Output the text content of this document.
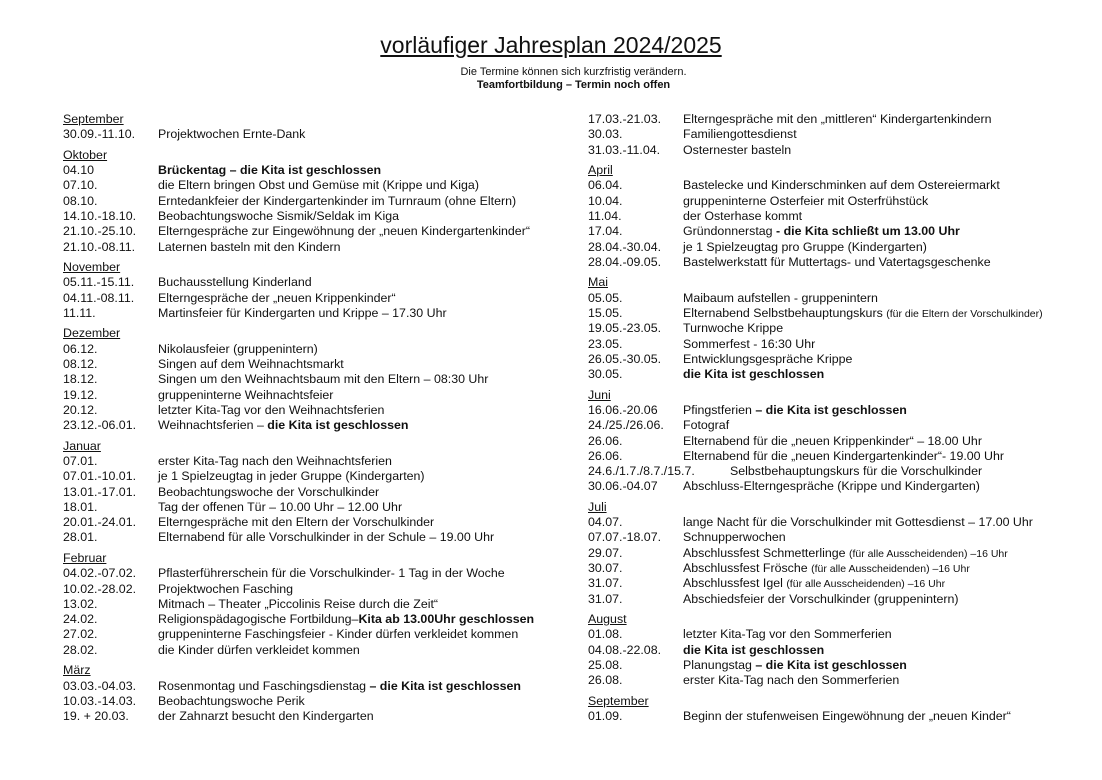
vorläufiger Jahresplan 2024/2025
Die Termine können sich kurzfristig verändern.
Teamfortbildung – Termin noch offen
September
30.09.-11.10. Projektwochen Ernte-Dank
Oktober
04.10	Brückentag – die Kita ist geschlossen
07.10.	die Eltern bringen Obst und Gemüse mit (Krippe und Kiga)
08.10.	Erntedankfeier der Kindergartenkinder im Turnraum (ohne Eltern)
14.10.-18.10. Beobachtungswoche Sismik/Seldak im Kiga
21.10.-25.10. Elterngespräche zur Eingewöhnung der „neuen Kindergartenkinder“
21.10.-08.11. Laternen basteln mit den Kindern
November
05.11.-15.11. Buchausstellung Kinderland
04.11.-08.11. Elterngespräche der „neuen Krippenkinder“
11.11.	Martinsfeier für Kindergarten und Krippe – 17.30 Uhr
Dezember
06.12.	Nikolausfeier (gruppenintern)
08.12.	Singen auf dem Weihnachtsmarkt
18.12.	Singen um den Weihnachtsbaum mit den Eltern – 08:30 Uhr
19.12.	gruppeninterne Weihnachtsfeier
20.12.	letzter Kita-Tag vor den Weihnachtsferien
23.12.-06.01. Weihnachtsferien – die Kita ist geschlossen
Januar
07.01.	erster Kita-Tag nach den Weihnachtsferien
07.01.-10.01. je 1 Spielzeugtag in jeder Gruppe (Kindergarten)
13.01.-17.01. Beobachtungswoche der Vorschulkinder
18.01.	Tag der offenen Tür – 10.00 Uhr – 12.00 Uhr
20.01.-24.01. Elterngespräche mit den Eltern der Vorschulkinder
28.01.	Elternabend für alle Vorschulkinder in der Schule – 19.00 Uhr
Februar
04.02.-07.02. Pflasterführerschein für die Vorschulkinder- 1 Tag in der Woche
10.02.-28.02. Projektwochen Fasching
13.02.	Mitmach – Theater „Piccolinis Reise durch die Zeit“
24.02.	Religionspädagogische Fortbildung–Kita ab 13.00Uhr geschlossen
27.02.	gruppeninterne Faschingsfeier - Kinder dürfen verkleidet kommen
28.02.	die Kinder dürfen verkleidet kommen
März
03.03.-04.03. Rosenmontag und Faschingsdienstag – die Kita ist geschlossen
10.03.-14.03. Beobachtungswoche Perik
19. + 20.03. der Zahnarzt besucht den Kindergarten
17.03.-21.03. Elterngespräche mit den „mittleren“ Kindergartenkindern
30.03.	Familiengottesdienst
31.03.-11.04. Osternester basteln
April
06.04.	Bastelecke und Kinderschminken auf dem Ostereiermarkt
10.04.	gruppeninterne Osterfeier mit Osterfrühstück
11.04.	der Osterhase kommt
17.04.	Gründonnerstag - die Kita schließt um 13.00 Uhr
28.04.-30.04. je 1 Spielzeugtag pro Gruppe (Kindergarten)
28.04.-09.05. Bastelwerkstatt für Muttertags- und Vatertagsgeschenke
Mai
05.05.	Maibaum aufstellen - gruppenintern
15.05.	Elternabend Selbstbehauptungskurs (für die Eltern der Vorschulkinder)
19.05.-23.05. Turnwoche Krippe
23.05.	Sommerfest - 16:30 Uhr
26.05.-30.05. Entwicklungsgespräche Krippe
30.05.	die Kita ist geschlossen
Juni
16.06.-20.06 Pfingstferien – die Kita ist geschlossen
24./25./26.06. Fotograf
26.06.	Elternabend für die „neuen Krippenkinder“ – 18.00 Uhr
26.06.	Elternabend für die „neuen Kindergartenkinder“- 19.00 Uhr
24.6./1.7./8.7./15.7.	Selbstbehauptungskurs für die Vorschulkinder
30.06.-04.07 Abschluss-Elterngespräche (Krippe und Kindergarten)
Juli
04.07.	lange Nacht für die Vorschulkinder mit Gottesdienst – 17.00 Uhr
07.07.-18.07. Schnupperwochen
29.07.	Abschlussfest Schmetterlinge (für alle Ausscheidenden) –16 Uhr
30.07.	Abschlussfest Frösche (für alle Ausscheidenden) –16 Uhr
31.07.	Abschlussfest Igel (für alle Ausscheidenden) –16 Uhr
31.07.	Abschiedsfeier der Vorschulkinder (gruppenintern)
August
01.08.	letzter Kita-Tag vor den Sommerferien
04.08.-22.08. die Kita ist geschlossen
25.08.	Planungstag – die Kita ist geschlossen
26.08.	erster Kita-Tag nach den Sommerferien
September
01.09.	Beginn der stufenweisen Eingewöhnung der „neuen Kinder“
